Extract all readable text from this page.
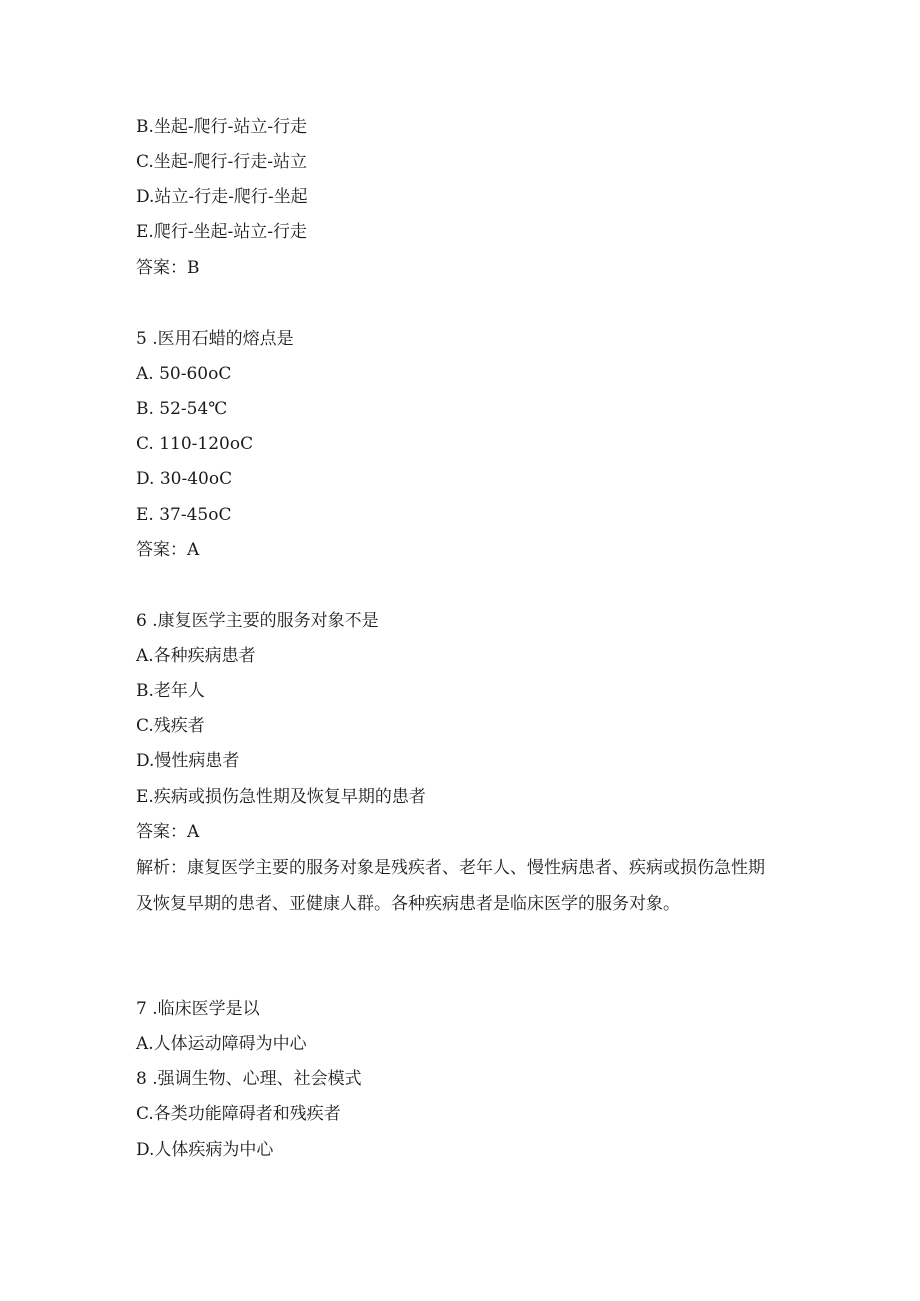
B.坐起-爬行-站立-行走
C.坐起-爬行-行走-站立
D.站立-行走-爬行-坐起
E.爬行-坐起-站立-行走
答案：B
5 .医用石蜡的熔点是
A. 50-60oC
B. 52-54℃
C. 110-120oC
D. 30-40oC
E. 37-45oC
答案：A
6 .康复医学主要的服务对象不是
A.各种疾病患者
B.老年人
C.残疾者
D.慢性病患者
E.疾病或损伤急性期及恢复早期的患者
答案：A
解析：康复医学主要的服务对象是残疾者、老年人、慢性病患者、疾病或损伤急性期及恢复早期的患者、亚健康人群。各种疾病患者是临床医学的服务对象。
7 .临床医学是以
A.人体运动障碍为中心
8 .强调生物、心理、社会模式
C.各类功能障碍者和残疾者
D.人体疾病为中心
